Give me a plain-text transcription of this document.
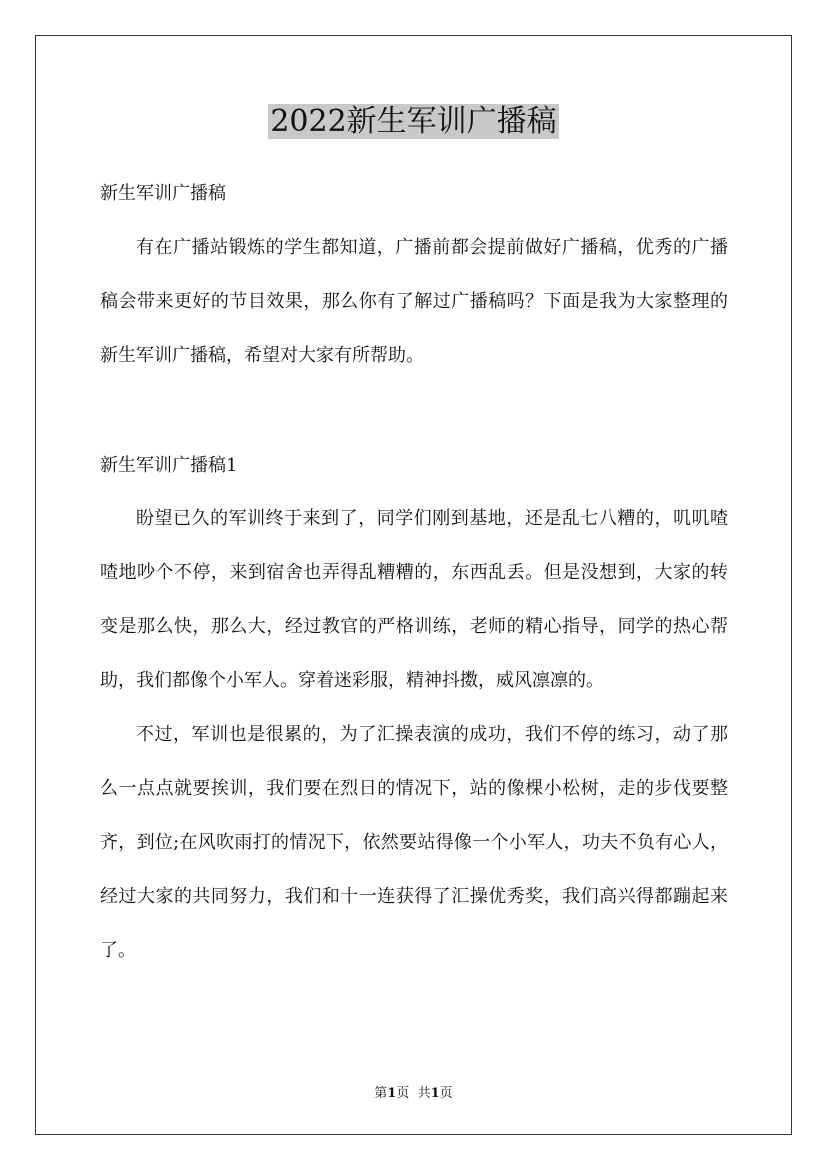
2022新生军训广播稿
新生军训广播稿

有在广播站锻炼的学生都知道，广播前都会提前做好广播稿，优秀的广播稿会带来更好的节目效果，那么你有了解过广播稿吗？下面是我为大家整理的新生军训广播稿，希望对大家有所帮助。

新生军训广播稿1

盼望已久的军训终于来到了，同学们刚到基地，还是乱七八糟的，叽叽喳喳地吵个不停，来到宿舍也弄得乱糟糟的，东西乱丢。但是没想到，大家的转变是那么快，那么大，经过教官的严格训练，老师的精心指导，同学的热心帮助，我们都像个小军人。穿着迷彩服，精神抖擞，威风凛凛的。

不过，军训也是很累的，为了汇操表演的成功，我们不停的练习，动了那么一点点就要挨训，我们要在烈日的情况下，站的像棵小松树，走的步伐要整齐，到位;在风吹雨打的情况下，依然要站得像一个小军人，功夫不负有心人，经过大家的共同努力，我们和十一连获得了汇操优秀奖，我们高兴得都蹦起来了。

第1页 共1页
